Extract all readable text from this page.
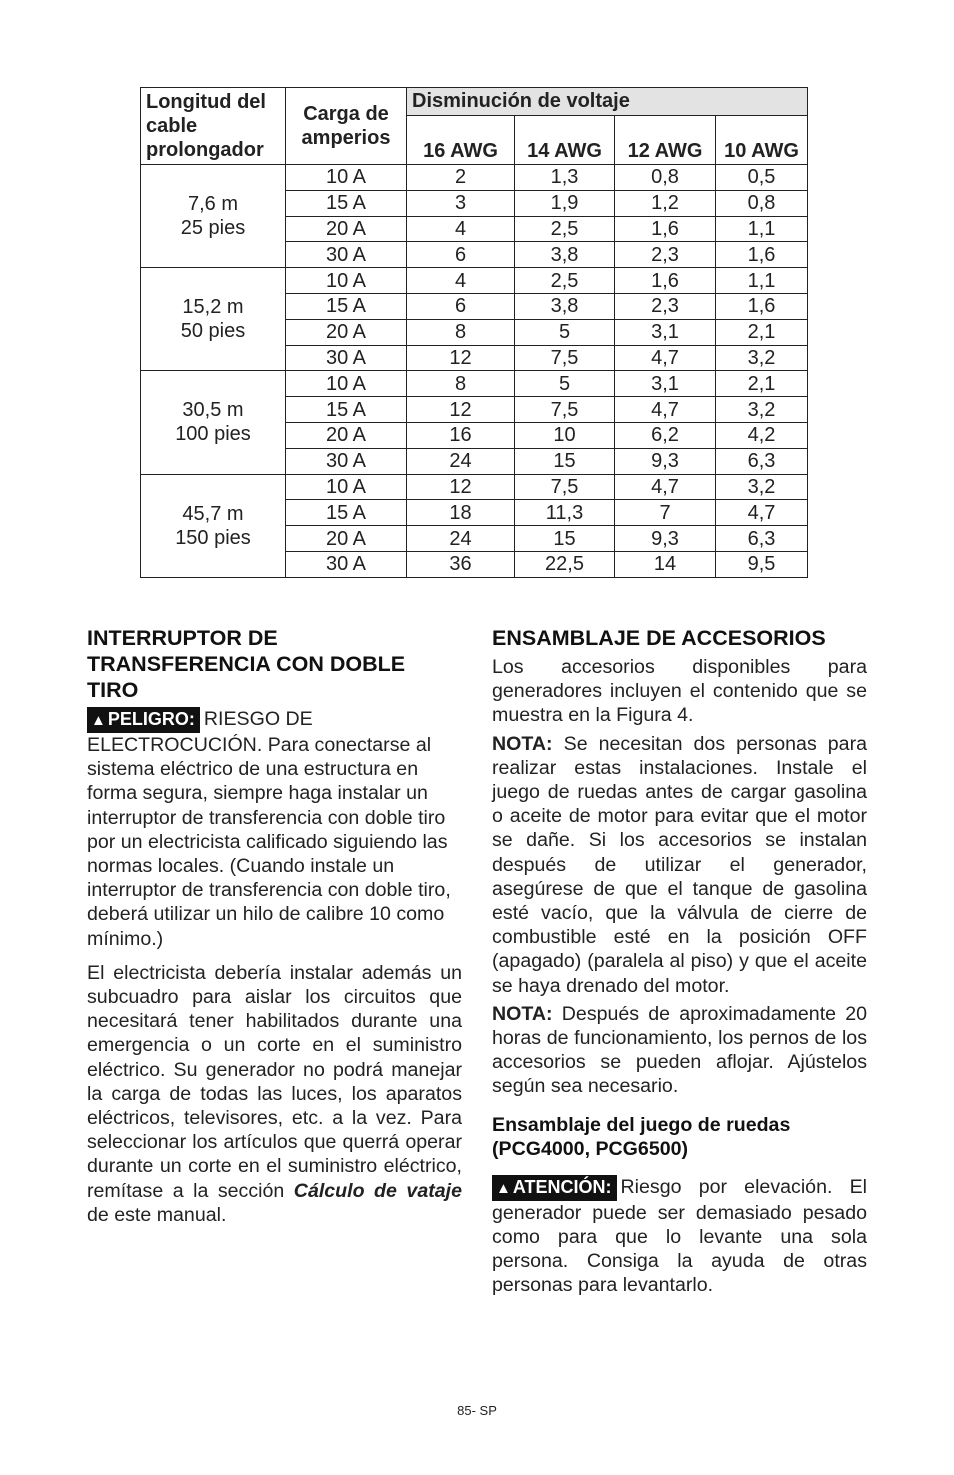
Longitud del cable prolongador	Carga de amperios	Disminución de voltaje			
		16 AWG	14 AWG	12 AWG	10 AWG

7,6 m
25 pies	10 A	2	1,3	0,8	0,5
	15 A	3	1,9	1,2	0,8
	20 A	4	2,5	1,6	1,1
	30 A	6	3,8	2,3	1,6

15,2 m
50 pies	10 A	4	2,5	1,6	1,1
	15 A	6	3,8	2,3	1,6
	20 A	8	5	3,1	2,1
	30 A	12	7,5	4,7	3,2

30,5 m
100 pies	10 A	8	5	3,1	2,1
	15 A	12	7,5	4,7	3,2
	20 A	16	10	6,2	4,2
	30 A	24	15	9,3	6,3

45,7 m
150 pies	10 A	12	7,5	4,7	3,2
	15 A	18	11,3	7	4,7
	20 A	24	15	9,3	6,3
	30 A	36	22,5	14	9,5
INTERRUPTOR DE TRANSFERENCIA CON DOBLE TIRO

▲ PELIGRO: RIESGO DE ELECTROCUCIÓN. Para conectarse al sistema eléctrico de una estructura en forma segura, siempre haga instalar un interruptor de transferencia con doble tiro por un electricista calificado siguiendo las normas locales. (Cuando instale un interruptor de transferencia con doble tiro, deberá utilizar un hilo de calibre 10 como mínimo.)

El electricista debería instalar además un subcuadro para aislar los circuitos que necesitará tener habilitados durante una emergencia o un corte en el suministro eléctrico. Su generador no podrá manejar la carga de todas las luces, los aparatos eléctricos, televisores, etc. a la vez. Para seleccionar los artículos que querrá operar durante un corte en el suministro eléctrico, remítase a la sección Cálculo de vataje de este manual.

ENSAMBLAJE DE ACCESORIOS

Los accesorios disponibles para generadores incluyen el contenido que se muestra en la Figura 4.

NOTA: Se necesitan dos personas para realizar estas instalaciones. Instale el juego de ruedas antes de cargar gasolina o aceite de motor para evitar que el motor se dañe. Si los accesorios se instalan después de utilizar el generador, asegúrese de que el tanque de gasolina esté vacío, que la válvula de cierre de combustible esté en la posición OFF (apagado) (paralela al piso) y que el aceite se haya drenado del motor.

NOTA: Después de aproximadamente 20 horas de funcionamiento, los pernos de los accesorios se pueden aflojar. Ajústelos según sea necesario.

Ensamblaje del juego de ruedas (PCG4000, PCG6500)

▲ ATENCIÓN: Riesgo por elevación. El generador puede ser demasiado pesado como para que lo levante una sola persona. Consiga la ayuda de otras personas para levantarlo.

85- SP
